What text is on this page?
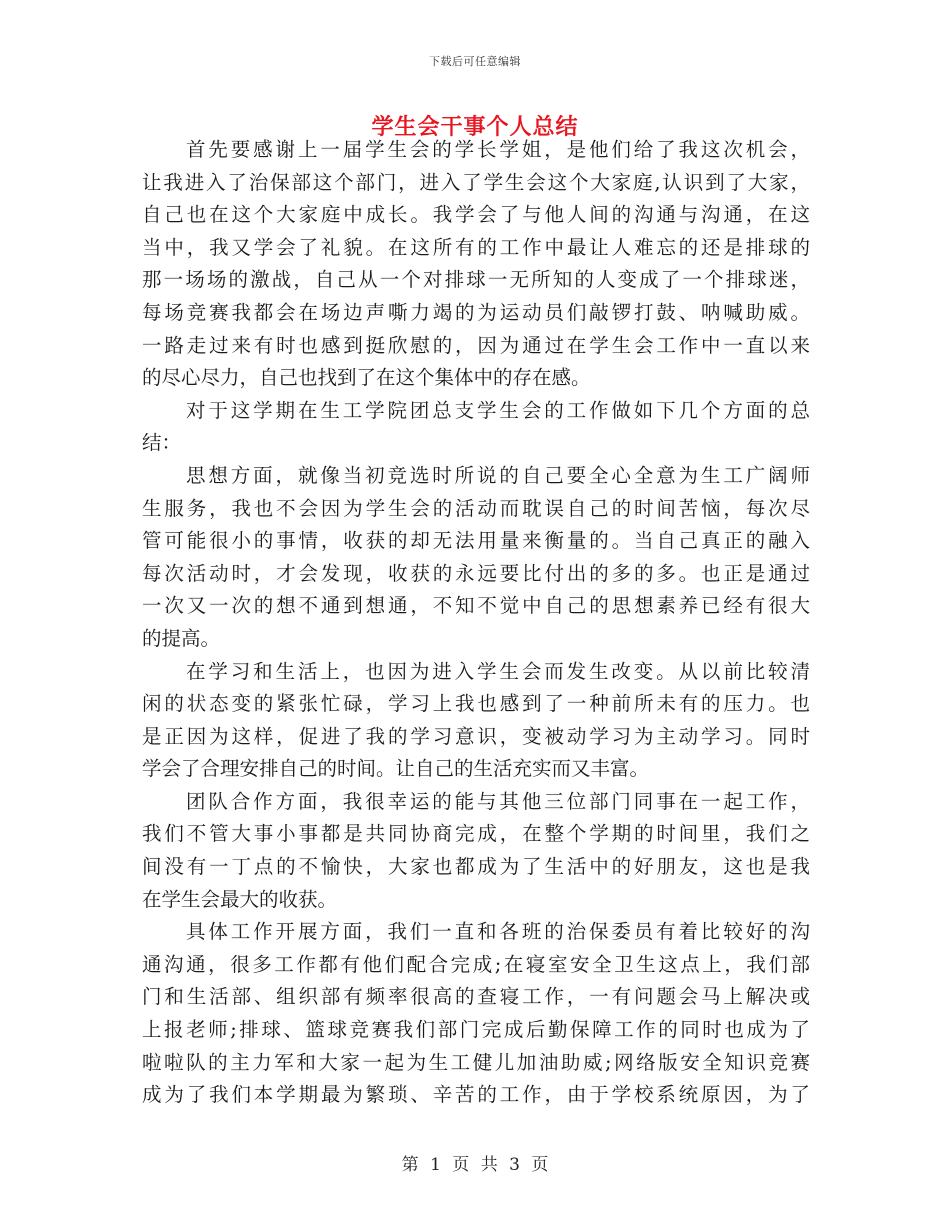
下载后可任意编辑
学生会干事个人总结
首先要感谢上一届学生会的学长学姐，是他们给了我这次机会，
让我进入了治保部这个部门，进入了学生会这个大家庭,认识到了大家，
自己也在这个大家庭中成长。我学会了与他人间的沟通与沟通，在这
当中，我又学会了礼貌。在这所有的工作中最让人难忘的还是排球的
那一场场的激战，自己从一个对排球一无所知的人变成了一个排球迷，
每场竞赛我都会在场边声嘶力竭的为运动员们敲锣打鼓、呐喊助威。
一路走过来有时也感到挺欣慰的，因为通过在学生会工作中一直以来
的尽心尽力，自己也找到了在这个集体中的存在感。
对于这学期在生工学院团总支学生会的工作做如下几个方面的总
结：
思想方面，就像当初竞选时所说的自己要全心全意为生工广阔师
生服务，我也不会因为学生会的活动而耽误自己的时间苦恼，每次尽
管可能很小的事情，收获的却无法用量来衡量的。当自己真正的融入
每次活动时，才会发现，收获的永远要比付出的多的多。也正是通过
一次又一次的想不通到想通，不知不觉中自己的思想素养已经有很大
的提高。
在学习和生活上，也因为进入学生会而发生改变。从以前比较清
闲的状态变的紧张忙碌，学习上我也感到了一种前所未有的压力。也
是正因为这样，促进了我的学习意识，变被动学习为主动学习。同时
学会了合理安排自己的时间。让自己的生活充实而又丰富。
团队合作方面，我很幸运的能与其他三位部门同事在一起工作，
我们不管大事小事都是共同协商完成，在整个学期的时间里，我们之
间没有一丁点的不愉快，大家也都成为了生活中的好朋友，这也是我
在学生会最大的收获。
具体工作开展方面，我们一直和各班的治保委员有着比较好的沟
通沟通，很多工作都有他们配合完成;在寝室安全卫生这点上，我们部
门和生活部、组织部有频率很高的查寝工作，一有问题会马上解决或
上报老师;排球、篮球竞赛我们部门完成后勤保障工作的同时也成为了
啦啦队的主力军和大家一起为生工健儿加油助威;网络版安全知识竞赛
成为了我们本学期最为繁琐、辛苦的工作，由于学校系统原因，为了
第 1 页 共 3 页
